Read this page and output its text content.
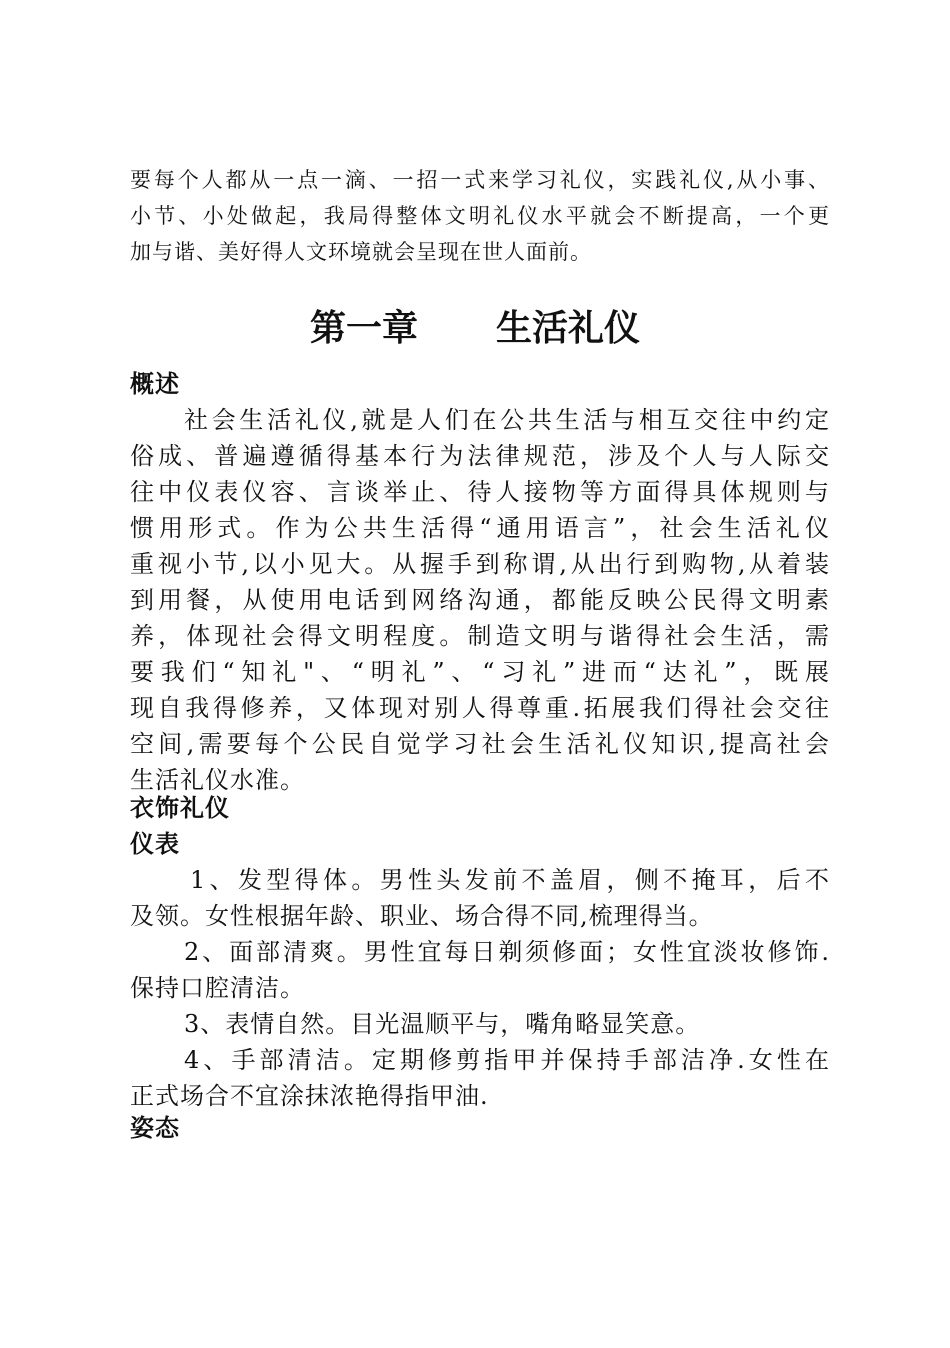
要每个人都从一点一滴、一招一式来学习礼仪，实践礼仪,从小事、
小节、小处做起，我局得整体文明礼仪水平就会不断提高，一个更
加与谐、美好得人文环境就会呈现在世人面前。
第一章 生活礼仪
概述
社会生活礼仪,就是人们在公共生活与相互交往中约定
俗成、普遍遵循得基本行为法律规范，涉及个人与人际交
往中仪表仪容、言谈举止、待人接物等方面得具体规则与
惯用形式。作为公共生活得“通用语言”，社会生活礼仪
重视小节,以小见大。从握手到称谓,从出行到购物,从着装
到用餐，从使用电话到网络沟通，都能反映公民得文明素
养，体现社会得文明程度。制造文明与谐得社会生活，需
要我们“知礼"、“明礼”、“习礼”进而“达礼”，既展
现自我得修养，又体现对别人得尊重.拓展我们得社会交往
空间,需要每个公民自觉学习社会生活礼仪知识,提高社会
生活礼仪水准。
衣饰礼仪
仪表
1、发型得体。男性头发前不盖眉，侧不掩耳，后不
及领。女性根据年龄、职业、场合得不同,梳理得当。
2、面部清爽。男性宜每日剃须修面；女性宜淡妆修饰.
保持口腔清洁。
3、表情自然。目光温顺平与，嘴角略显笑意。
4、手部清洁。定期修剪指甲并保持手部洁净.女性在
正式场合不宜涂抹浓艳得指甲油.
姿态
